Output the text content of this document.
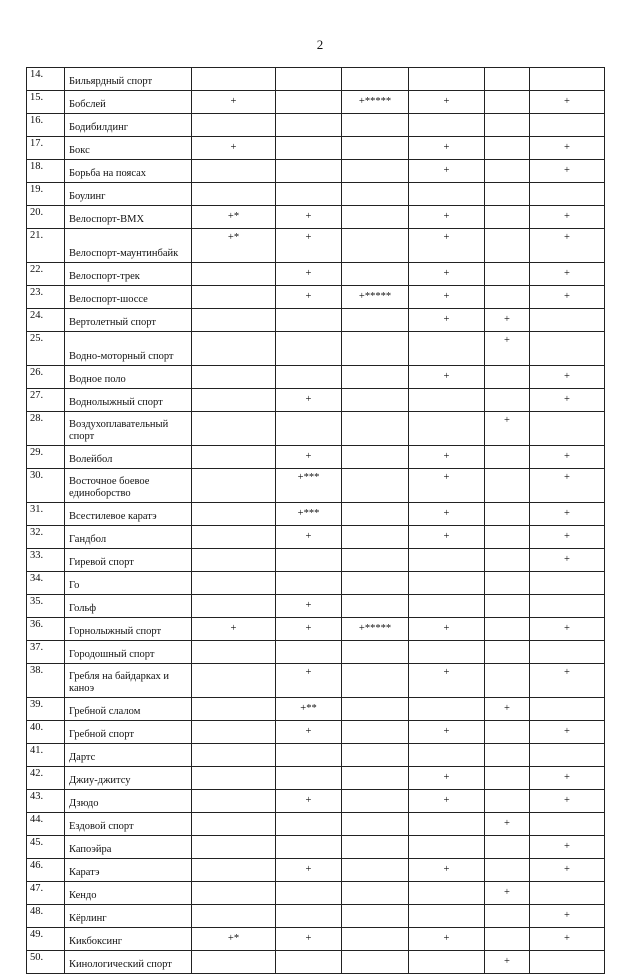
2
14.	Бильярдный спорт						
15.	Бобслей	+		+*****	+		+
16.	Бодибилдинг						
17.	Бокс	+			+		+
18.	Борьба на поясах				+		+
19.	Боулинг						
20.	Велоспорт-ВМХ	+*	+		+		+
21.	Велоспорт-маунтинбайк	+*	+		+		+
22.	Велоспорт-трек		+		+		+
23.	Велоспорт-шоссе		+	+*****	+		+
24.	Вертолетный спорт				+	+	
25.	Водно-моторный спорт					+	
26.	Водное поло				+		+
27.	Воднолыжный спорт		+				+
28.	Воздухоплавательный спорт					+	
29.	Волейбол		+		+		+
30.	Восточное боевое единоборство		+***		+		+
31.	Всестилевое каратэ		+***		+		+
32.	Гандбол		+		+		+
33.	Гиревой спорт						+
34.	Го						
35.	Гольф		+				
36.	Горнолыжный спорт	+	+	+*****	+		+
37.	Городошный спорт						
38.	Гребля на байдарках и каноэ		+		+		+
39.	Гребной слалом		+**			+	
40.	Гребной спорт		+		+		+
41.	Дартс						
42.	Джиу-джитсу				+		+
43.	Дзюдо		+		+		+
44.	Ездовой спорт					+	
45.	Капоэйра						+
46.	Каратэ		+		+		+
47.	Кендо					+	
48.	Кёрлинг						+
49.	Кикбоксинг	+*	+		+		+
50.	Кинологический спорт					+	
